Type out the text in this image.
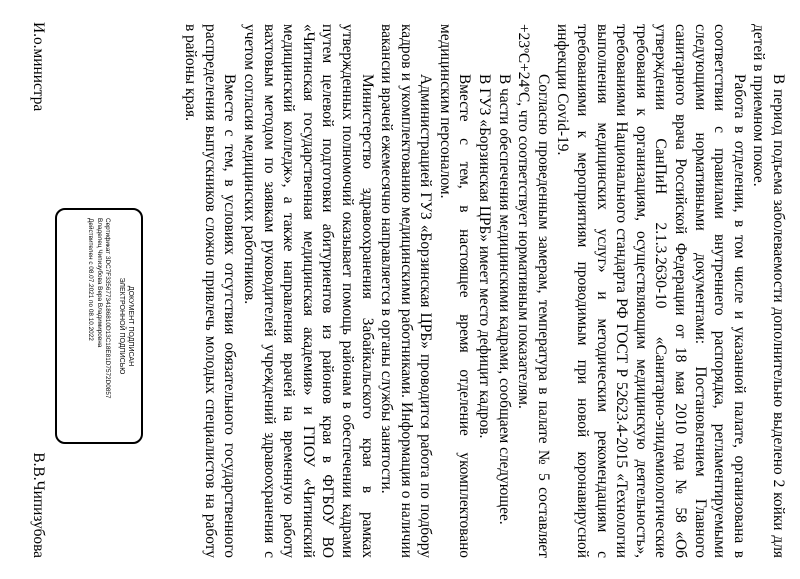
В период подъема заболеваемости дополнительно выделено 2 койки для детей в приемном покое.

Работа в отделении, в том числе и указанной палате, организована в соответствии с правилами внутреннего распорядка, регламентируемыми следующими нормативными документами: Постановлением Главного санитарного врача Российской Федерации от 18 мая 2010 года № 58 «Об утверждении СанПиН 2.1.3.2630-10 «Санитарно-эпидемиологические требования к организациям, осуществляющим медицинскую деятельность», требованиями Национального стандарта РФ ГОСТ Р 52623.4-2015 «Технологии выполнения медицинских услуг» и методическим рекомендациям с требованиями к мероприятиям проводимым при новой коронавирусной инфекции Covid-19.

Согласно проведенным замерам, температура в палате № 5 составляет +23ºС+24ºС, что соответствует нормативным показателям.

В части обеспечения медицинскими кадрами, сообщаем следующее.

В ГУЗ «Борзинская ЦРБ» имеет место дефицит кадров.

Вместе с тем, в настоящее время отделение укомплектовано медицинским персоналом.

Администрацией ГУЗ «Борзинская ЦРБ» проводится работа по подбору кадров и укомплектованию медицинскими работниками. Информация о наличии вакансии врачей ежемесячно направляется в органы службы занятости.

Министерство здравоохранения Забайкальского края в рамках утвержденных полномочий оказывает помощь районам в обеспечении кадрами путем целевой подготовки абитуриентов из районов края в ФГБОУ ВО «Читинская государственная медицинская академия» и ГПОУ «Читинский медицинский колледж», а также направления врачей на временную работу вахтовым методом по заявкам руководителей учреждений здравоохранения с учетом согласия медицинских работников.

Вместе с тем, в условиях отсутствия обязательного государственного распределения выпускников сложно привлечь молодых специалистов на работу в районы края.

ДОКУМЕНТ ПОДПИСАН
ЭЛЕКТРОННОЙ ПОДПИСЬЮ
Сертификат 3DC7F33567734186810D13C18E81D7572D0857
Владелец Чипизубова Вера Владимировна
Действителен с 08.07.2021 по 08.10.2022
И.о.министра
В.В.Чипизубова
